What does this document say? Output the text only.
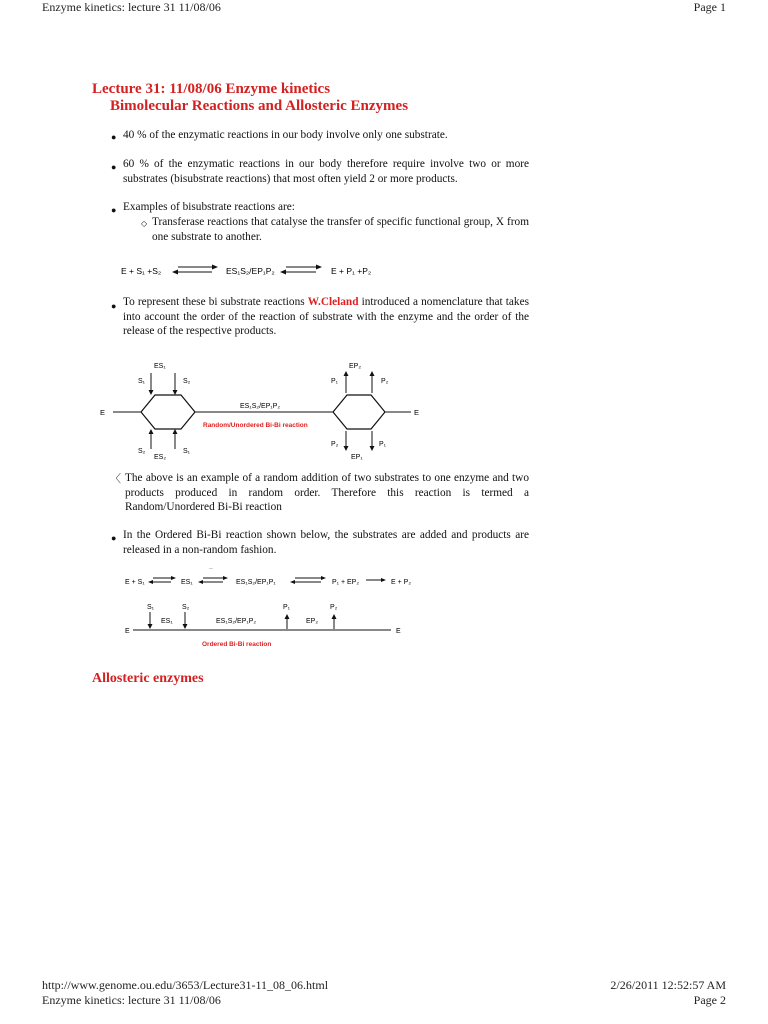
Enzyme kinetics: lecture 31 11/08/06	Page 1
Lecture 31: 11/08/06 Enzyme kinetics
Bimolecular Reactions and Allosteric Enzymes
● 40 % of the enzymatic reactions in our body involve only one substrate.
● 60 % of the enzymatic reactions in our body therefore require involve two or more substrates (bisubstrate reactions) that most often yield 2 or more products.
● Examples of bisubstrate reactions are:
◇ Transferase reactions that catalyse the transfer of specific functional group, X from one substrate to another.
E + S₁ +S₂	ES₁S₂/EP₁P₂	E + P₁ +P₂
● To represent these bi substrate reactions W.Cleland introduced a nomenclature that takes into account the order of the reaction of substrate with the enzyme and the order of the release of the respective products.
E	E
ES₁
S₁	S₂
S₂	S₁
ES₂
ES₁S₂/EP₁P₂
Random/Unordered Bi-Bi reaction
EP₂
P₁	P₂
P₂	P₁
EP₁
〈 The above is an example of a random addition of two substrates to one enzyme and two products produced in random order. Therefore this reaction is termed a Random/Unordered Bi-Bi reaction
● In the Ordered Bi-Bi reaction shown below, the substrates are added and products are released in a non-random fashion.
··
E + S₁	ES₁	ES₁S₂/EP₁P₁	P₁ + EP₂	E + P₂
S₁	S₂	P₁	P₂
ES₁	ES₁S₂/EP₁P₂	EP₂
E	E
Ordered Bi-Bi reaction
Allosteric enzymes
http://www.genome.ou.edu/3653/Lecture31-11_08_06.html	2/26/2011 12:52:57 AM
Enzyme kinetics: lecture 31 11/08/06	Page 2
